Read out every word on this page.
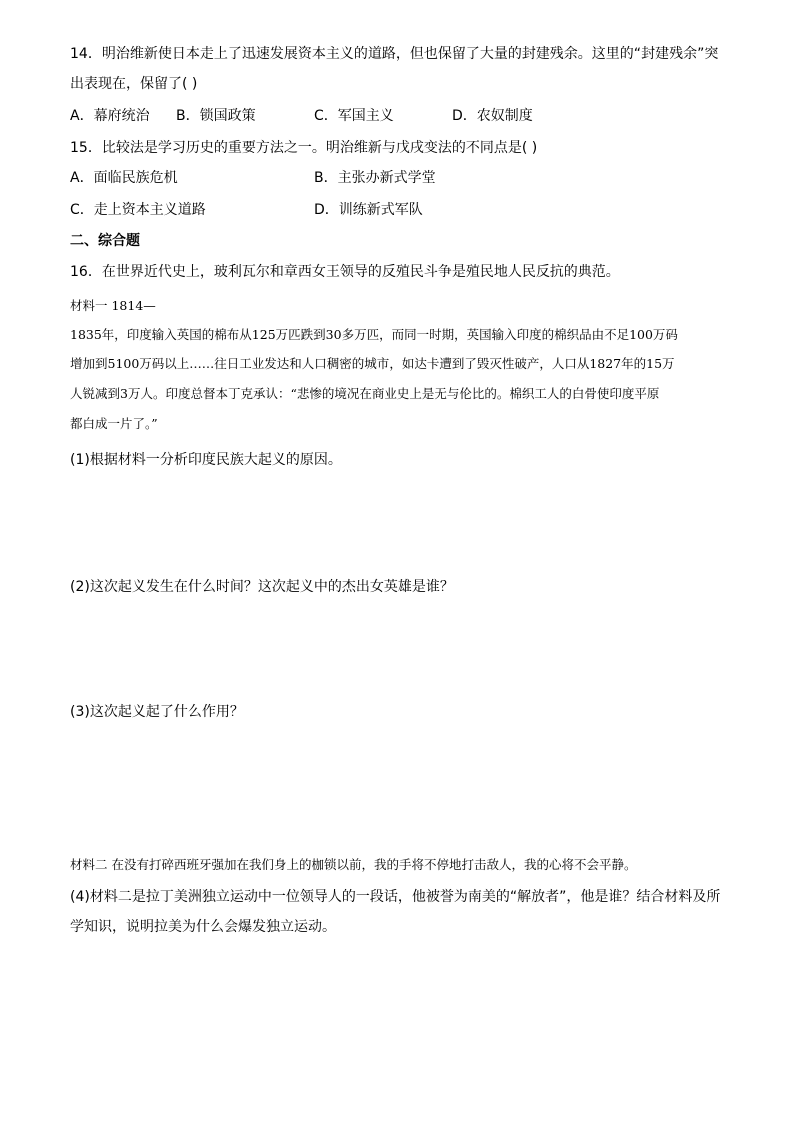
14．明治维新使日本走上了迅速发展资本主义的道路，但也保留了大量的封建残余。这里的“封建残余”突
出表现在，保留了( )
A．幕府统治 B．锁国政策	C．军国主义	D．农奴制度
15．比较法是学习历史的重要方法之一。明治维新与戊戌变法的不同点是( )
A．面临民族危机	B．主张办新式学堂
C．走上资本主义道路	D．训练新式军队
二、综合题
16．在世界近代史上，玻利瓦尔和章西女王领导的反殖民斗争是殖民地人民反抗的典范。
材料一 1814—
1835年，印度输入英国的棉布从125万匹跌到30多万匹，而同一时期，英国输入印度的棉织品由不足100万码
增加到5100万码以上……往日工业发达和人口稠密的城市，如达卡遭到了毁灭性破产，人口从1827年的15万
人锐减到3万人。印度总督本丁克承认：“悲惨的境况在商业史上是无与伦比的。棉织工人的白骨使印度平原
都白成一片了。”
(1)根据材料一分析印度民族大起义的原因。
(2)这次起义发生在什么时间？这次起义中的杰出女英雄是谁？
(3)这次起义起了什么作用？
材料二 在没有打碎西班牙强加在我们身上的枷锁以前，我的手将不停地打击敌人，我的心将不会平静。
(4)材料二是拉丁美洲独立运动中一位领导人的一段话，他被誉为南美的“解放者”，他是谁？结合材料及所
学知识，说明拉美为什么会爆发独立运动。
